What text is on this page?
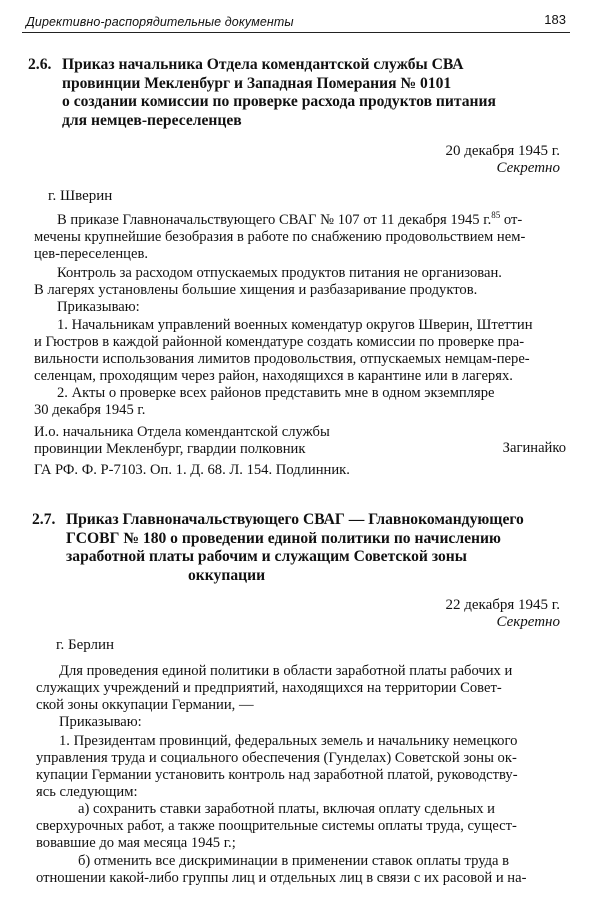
Директивно-распорядительные документы	183
2.6. Приказ начальника Отдела комендантской службы СВА
провинции Мекленбург и Западная Померания № 0101
о создании комиссии по проверке расхода продуктов питания
для немцев-переселенцев
20 декабря 1945 г.
Секретно
г. Шверин
В приказе Главноначальствующего СВАГ № 107 от 11 декабря 1945 г.$^{85}$ от-
мечены крупнейшие безобразия в работе по снабжению продовольствием нем-
цев-переселенцев.
Контроль за расходом отпускаемых продуктов питания не организован.
В лагерях установлены большие хищения и разбазаривание продуктов.
Приказываю:
1. Начальникам управлений военных комендатур округов Шверин, Штеттин
и Гюстров в каждой районной комендатуре создать комиссии по проверке пра-
вильности использования лимитов продовольствия, отпускаемых немцам-пере-
селенцам, проходящим через район, находящихся в карантине или в лагерях.
2. Акты о проверке всех районов представить мне в одном экземпляре
30 декабря 1945 г.
И.о. начальника Отдела комендантской службы
провинции Мекленбург, гвардии полковник	Загинайко
ГА РФ. Ф. Р-7103. Оп. 1. Д. 68. Л. 154. Подлинник.
2.7. Приказ Главноначальствующего СВАГ — Главнокомандующего
ГСОВГ № 180 о проведении единой политики по начислению
заработной платы рабочим и служащим Советской зоны
оккупации
22 декабря 1945 г.
Секретно
г. Берлин
Для проведения единой политики в области заработной платы рабочих и
служащих учреждений и предприятий, находящихся на территории Совет-
ской зоны оккупации Германии, —
Приказываю:
1. Президентам провинций, федеральных земель и начальнику немецкого
управления труда и социального обеспечения (Гунделах) Советской зоны ок-
купации Германии установить контроль над заработной платой, руководству-
ясь следующим:
а) сохранить ставки заработной платы, включая оплату сдельных и
сверхурочных работ, а также поощрительные системы оплаты труда, сущест-
вовавшие до мая месяца 1945 г.;
б) отменить все дискриминации в применении ставок оплаты труда в
отношении какой-либо группы лиц и отдельных лиц в связи с их расовой и на-
